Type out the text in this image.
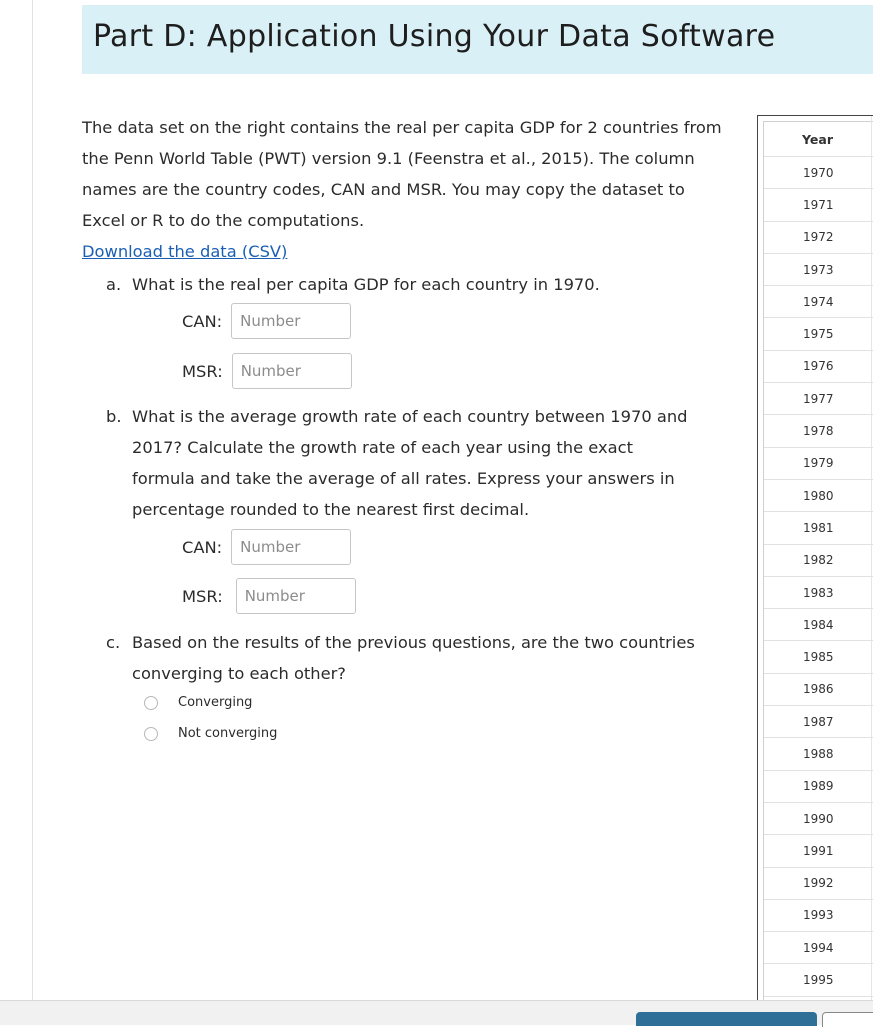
Part D: Application Using Your Data Software

The data set on the right contains the real per capita GDP for 2 countries from the Penn World Table (PWT) version 9.1 (Feenstra et al., 2015). The column names are the country codes, CAN and MSR. You may copy the dataset to Excel or R to do the computations.

Download the data (CSV)
a. What is the real per capita GDP for each country in 1970.
CAN:
Number
MSR:
Number
b. What is the average growth rate of each country between 1970 and 2017? Calculate the growth rate of each year using the exact formula and take the average of all rates. Express your answers in percentage rounded to the nearest first decimal.
CAN:
Number
MSR:
Number
c. Based on the results of the previous questions, are the two countries converging to each other?
Converging
Not converging
Year
1970
1971
1972
1973
1974
1975
1976
1977
1978
1979
1980
1981
1982
1983
1984
1985
1986
1987
1988
1989
1990
1991
1992
1993
1994
1995
